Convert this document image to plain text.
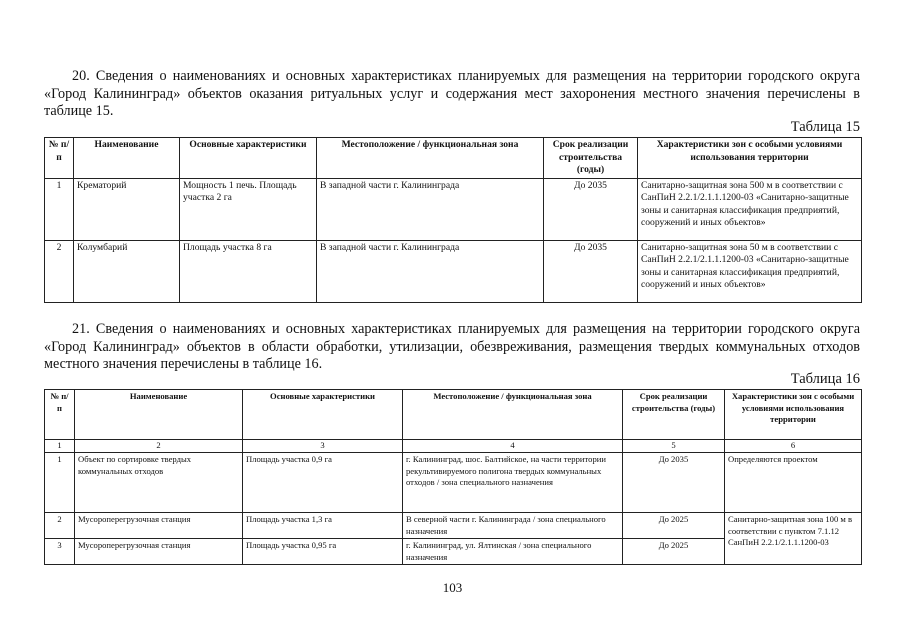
20. Сведения о наименованиях и основных характеристиках планируемых для размещения на территории городского округа «Город Калининград» объектов оказания ритуальных услуг и содержания мест захоронения местного значения перечислены в таблице 15.

Таблица 15
№ п/п	Наименование	Основные характеристики	Местоположение / функциональная зона	Срок реализации строительства (годы)	Характеристики зон с особыми условиями использования территории
1	Крематорий	Мощность 1 печь. Площадь участка 2 га	В западной части г. Калининграда	До 2035	Санитарно-защитная зона 500 м в соответствии с СанПиН 2.2.1/2.1.1.1200-03 «Санитарно-защитные зоны и санитарная классификация предприятий, сооружений и иных объектов»
2	Колумбарий	Площадь участка 8 га	В западной части г. Калининграда	До 2035	Санитарно-защитная зона 50 м в соответствии с СанПиН 2.2.1/2.1.1.1200-03 «Санитарно-защитные зоны и санитарная классификация предприятий, сооружений и иных объектов»

21. Сведения о наименованиях и основных характеристиках планируемых для размещения на территории городского округа «Город Калининград» объектов в области обработки, утилизации, обезвреживания, размещения твердых коммунальных отходов местного значения перечислены в таблице 16.

Таблица 16
№ п/п	Наименование	Основные характеристики	Местоположение / функциональная зона	Срок реализации строительства (годы)	Характеристики зон с особыми условиями использования территории
1	2	3	4	5	6
1	Объект по сортировке твердых коммунальных отходов	Площадь участка 0,9 га	г. Калининград, шос. Балтийское, на части территории рекультивируемого полигона твердых коммунальных отходов / зона специального назначения	До 2035	Определяются проектом
2	Мусороперегрузочная станция	Площадь участка 1,3 га	В северной части г. Калининграда / зона специального назначения	До 2025	Санитарно-защитная зона 100 м в соответствии с пунктом 7.1.12 СанПиН 2.2.1/2.1.1.1200-03
3	Мусороперегрузочная станция	Площадь участка 0,95 га	г. Калининград, ул. Ялтинская / зона специального назначения	До 2025	
103
